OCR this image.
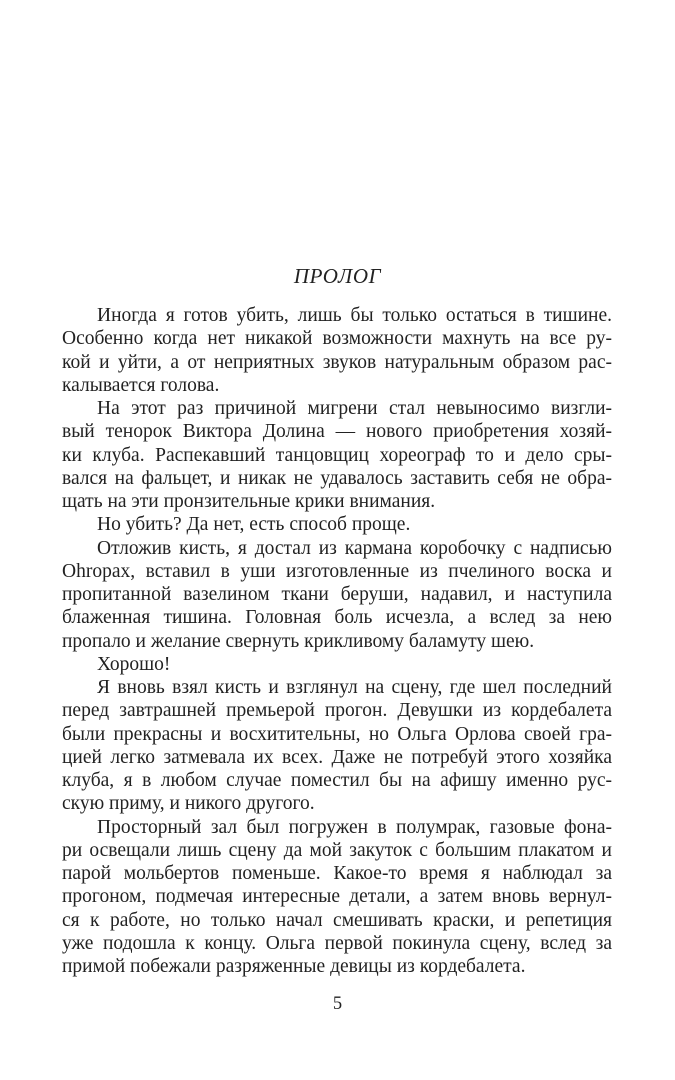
ПРОЛОГ
Иногда я готов убить, лишь бы только остаться в тишине.
Особенно когда нет никакой возможности махнуть на все ру-
кой и уйти, а от неприятных звуков натуральным образом рас-
калывается голова.
На этот раз причиной мигрени стал невыносимо визгли-
вый тенорок Виктора Долина — нового приобретения хозяй-
ки клуба. Распекавший танцовщиц хореограф то и дело сры-
вался на фальцет, и никак не удавалось заставить себя не обра-
щать на эти пронзительные крики внимания.
Но убить? Да нет, есть способ проще.
Отложив кисть, я достал из кармана коробочку с надписью
Ohropax, вставил в уши изготовленные из пчелиного воска и
пропитанной вазелином ткани беруши, надавил, и наступила
блаженная тишина. Головная боль исчезла, а вслед за нею
пропало и желание свернуть крикливому баламуту шею.
Хорошо!
Я вновь взял кисть и взглянул на сцену, где шел последний
перед завтрашней премьерой прогон. Девушки из кордебалета
были прекрасны и восхитительны, но Ольга Орлова своей гра-
цией легко затмевала их всех. Даже не потребуй этого хозяйка
клуба, я в любом случае поместил бы на афишу именно рус-
скую приму, и никого другого.
Просторный зал был погружен в полумрак, газовые фона-
ри освещали лишь сцену да мой закуток с большим плакатом и
парой мольбертов поменьше. Какое-то время я наблюдал за
прогоном, подмечая интересные детали, а затем вновь вернул-
ся к работе, но только начал смешивать краски, и репетиция
уже подошла к концу. Ольга первой покинула сцену, вслед за
примой побежали разряженные девицы из кордебалета.
5
